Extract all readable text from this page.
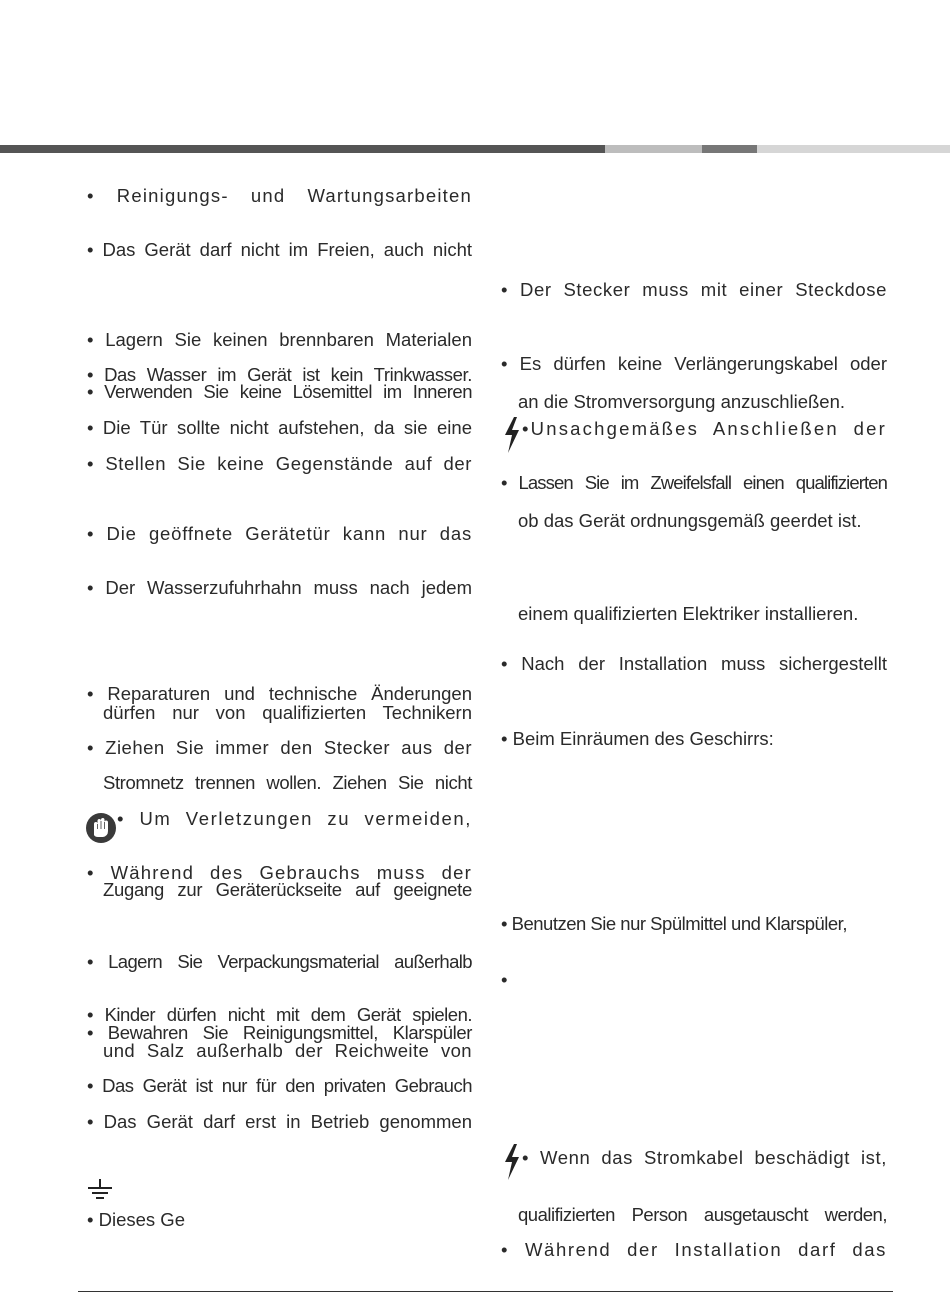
• Reinigungs- und Wartungsarbeiten
• Das Gerät darf nicht im Freien, auch nicht
• Lagern Sie keinen brennbaren Materialen
• Das Wasser im Gerät ist kein Trinkwasser.
• Verwenden Sie keine Lösemittel im Inneren
• Die Tür sollte nicht aufstehen, da sie eine
• Stellen Sie keine Gegenstände auf der
• Die geöffnete Gerätetür kann nur das
• Der Wasserzufuhrhahn muss nach jedem
• Reparaturen und technische Änderungen
dürfen nur von qualifizierten Technikern
• Ziehen Sie immer den Stecker aus der
Stromnetz trennen wollen. Ziehen Sie nicht
• Um Verletzungen zu vermeiden,
• Während des Gebrauchs muss der
Zugang zur Geräterückseite auf geeignete
• Lagern Sie Verpackungsmaterial außerhalb
• Kinder dürfen nicht mit dem Gerät spielen.
• Bewahren Sie Reinigungsmittel, Klarspüler
und Salz außerhalb der Reichweite von
• Das Gerät ist nur für den privaten Gebrauch
• Das Gerät darf erst in Betrieb genommen
• Dieses Ge
• Der Stecker muss mit einer Steckdose
• Es dürfen keine Verlängerungskabel oder
an die Stromversorgung anzuschließen.
•Unsachgemäßes Anschließen der
• Lassen Sie im Zweifelsfall einen qualifizierten
ob das Gerät ordnungsgemäß geerdet ist.
einem qualifizierten Elektriker installieren.
• Nach der Installation muss sichergestellt
• Beim Einräumen des Geschirrs:
• Benutzen Sie nur Spülmittel und Klarspüler,
•
• Wenn das Stromkabel beschädigt ist,
qualifizierten Person ausgetauscht werden,
• Während der Installation darf das
